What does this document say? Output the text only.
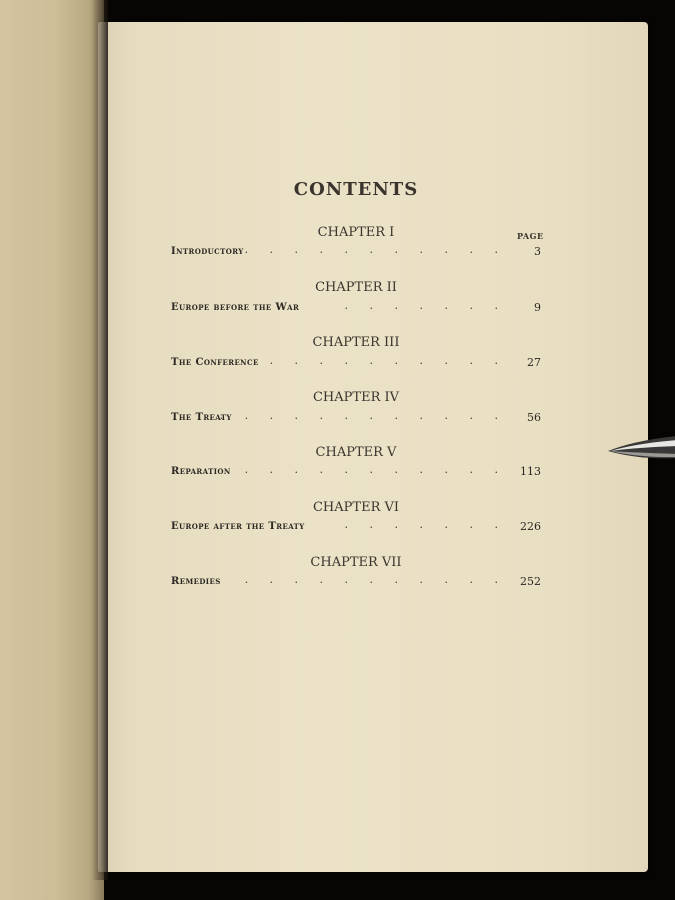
CONTENTS
PAGE
CHAPTER I
Introductory . . . . . . . . . . . 3
CHAPTER II
Europe before the War	. . . . . . . 9
CHAPTER III
The Conference . . . . . . . . . . 27
CHAPTER IV
The Treaty
. . . . . . . . . . . . 56
CHAPTER V
Reparation . . . . . . . . . . . 113
CHAPTER VI
Europe after the Treaty	. . . . . . . 226
CHAPTER VII
Remedies . . . . . . . . . . . 252
